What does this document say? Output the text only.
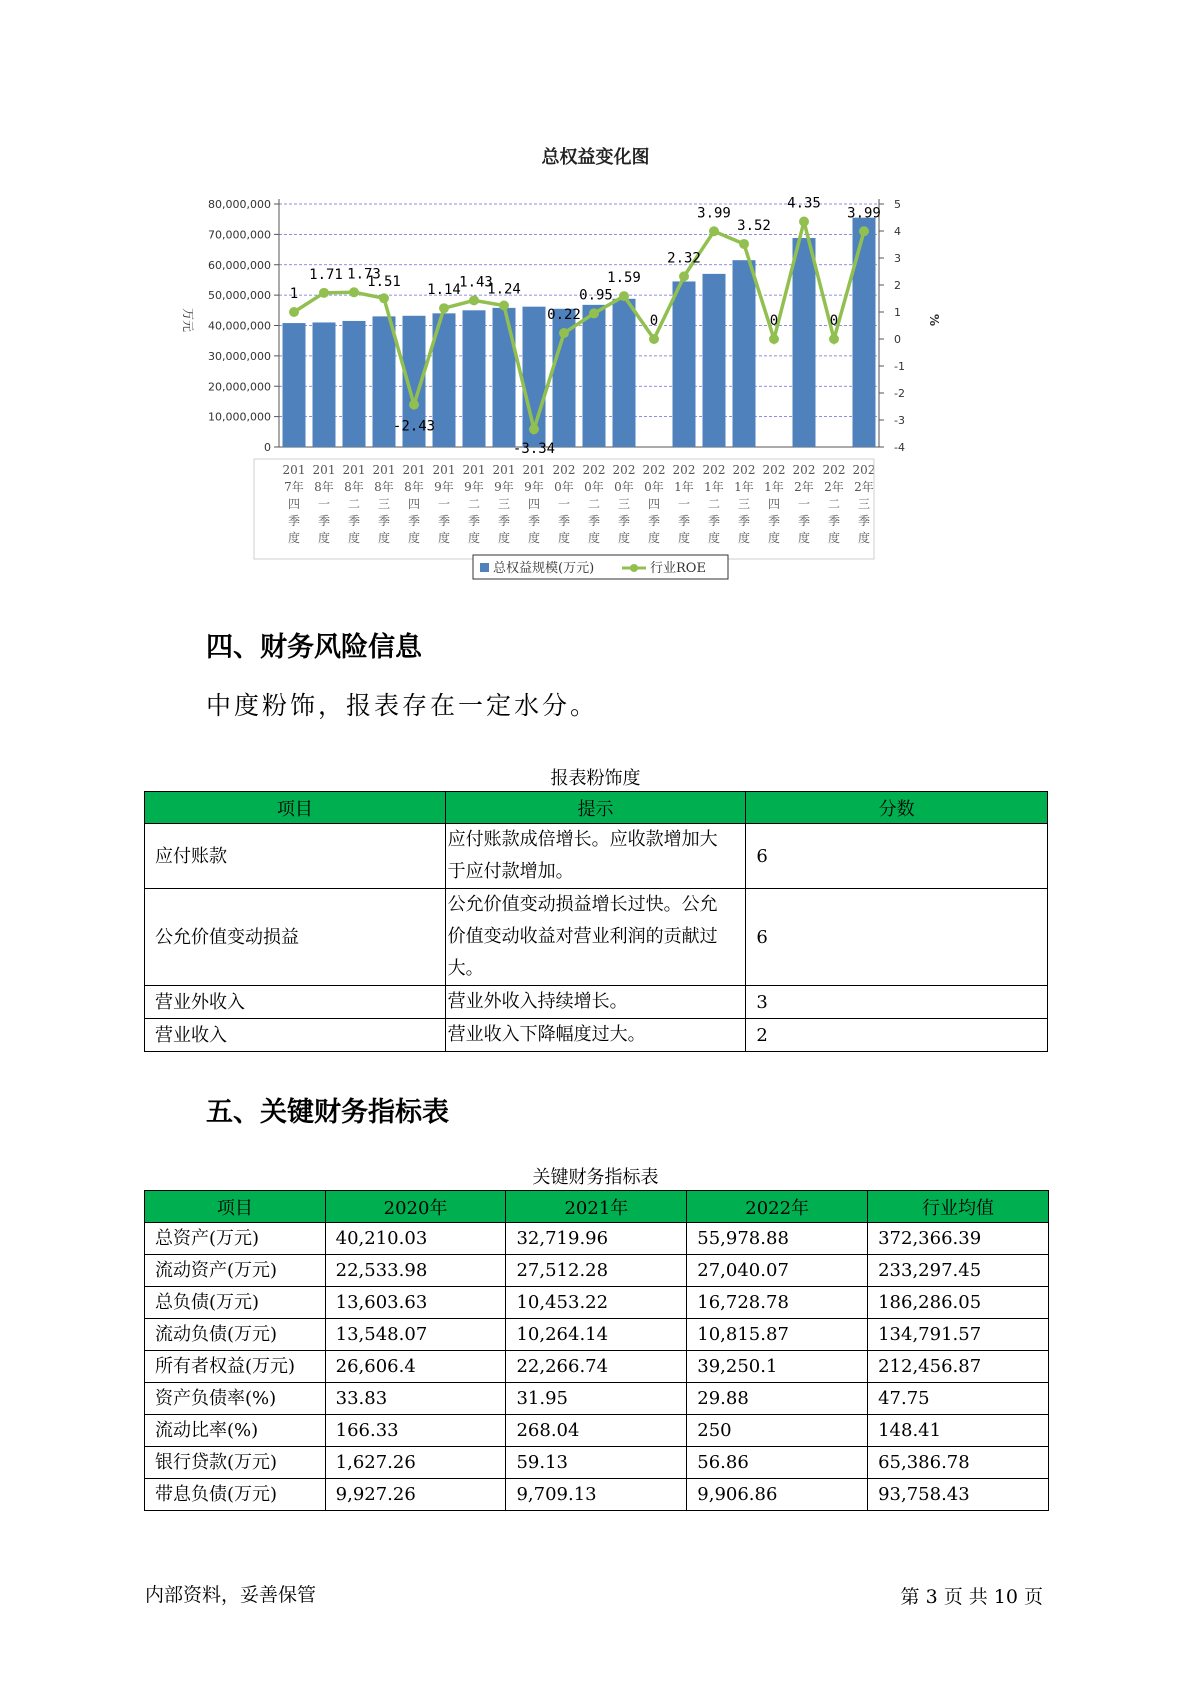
总权益变化图
0
10,000,000
20,000,000
30,000,000
40,000,000
50,000,000
60,000,000
70,000,000
80,000,000
-4
-3
-2
-1
0
1
2
3
4
5
万元	%
1
1.71 1.73
1.51
-2.43
1.14
1.43
1.24
-3.34
0.22
0.95
1.59
0
2.32
3.99
3.52
0
4.35
0
3.99
201
7年
四
季
度
201
8年
一
季
度
201
8年
二
季
度
201
8年
三
季
度
201
8年
四
季
度
201
9年
一
季
度
201
9年
二
季
度
201
9年
三
季
度
201
9年
四
季
度
202
0年
一
季
度
202
0年
二
季
度
202
0年
三
季
度
202
0年
四
季
度
202
1年
一
季
度
202
1年
二
季
度
202
1年
三
季
度
202
1年
四
季
度
202
2年
一
季
度
202
2年
二
季
度
202
2年
三
季
度
总权益规模(万元)	行业ROE
四、财务风险信息
中度粉饰，报表存在一定水分。
报表粉饰度
项目	提示	分数
应付账款	应付账款成倍增长。应收款增加大于应付款增加。	6
公允价值变动损益	公允价值变动损益增长过快。公允价值变动收益对营业利润的贡献过大。	6
营业外收入	营业外收入持续增长。	3
营业收入	营业收入下降幅度过大。	2
五、关键财务指标表
关键财务指标表
项目	2020年	2021年	2022年	行业均值
总资产(万元)	40,210.03	32,719.96	55,978.88	372,366.39
流动资产(万元)	22,533.98	27,512.28	27,040.07	233,297.45
总负债(万元)	13,603.63	10,453.22	16,728.78	186,286.05
流动负债(万元)	13,548.07	10,264.14	10,815.87	134,791.57
所有者权益(万元)	26,606.4	22,266.74	39,250.1	212,456.87
资产负债率(%)	33.83	31.95	29.88	47.75
流动比率(%)	166.33	268.04	250	148.41
银行贷款(万元)	1,627.26	59.13	56.86	65,386.78
带息负债(万元)	9,927.26	9,709.13	9,906.86	93,758.43
内部资料，妥善保管	第 3 页 共 10 页
